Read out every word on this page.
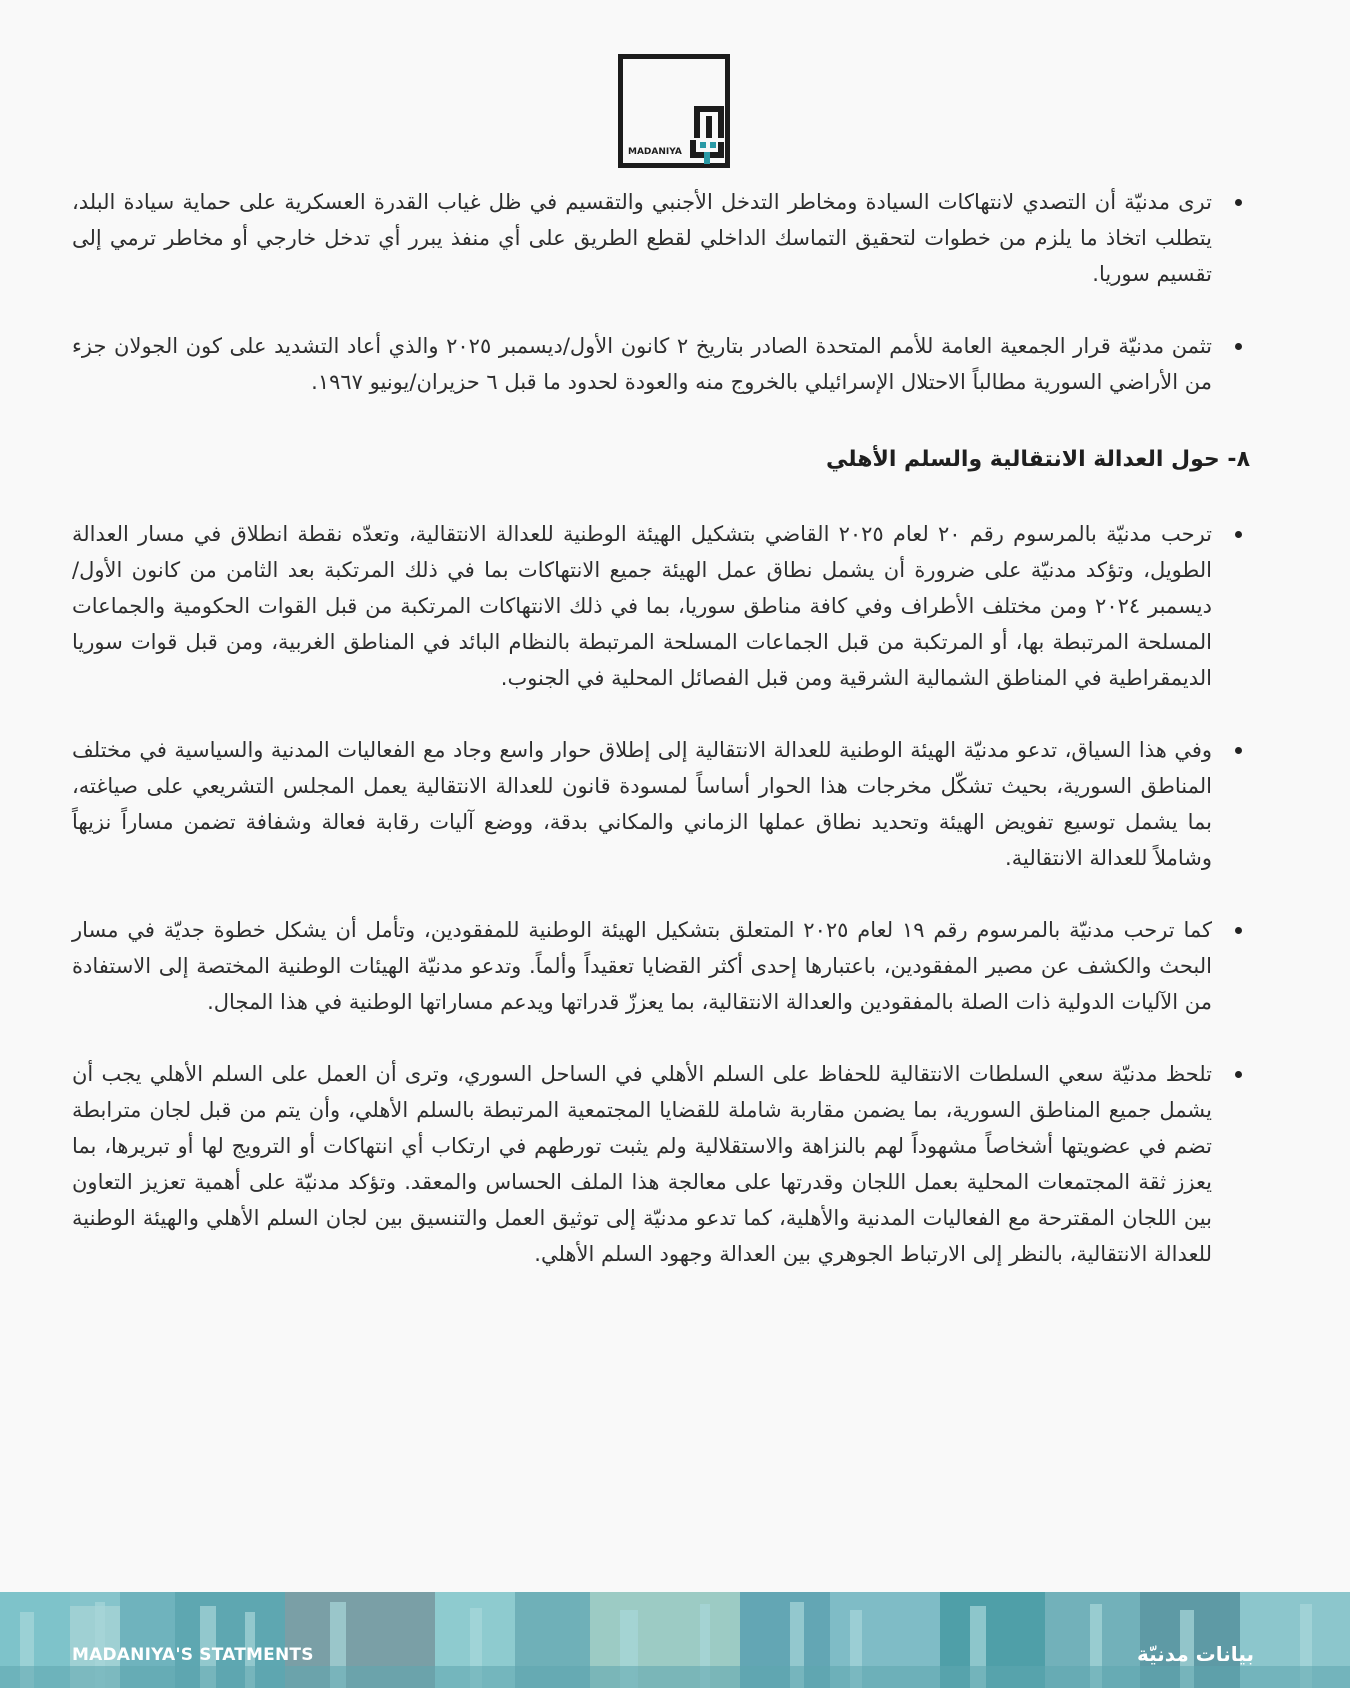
MADANIYA
ترى مدنيّة أن التصدي لانتهاكات السيادة ومخاطر التدخل الأجنبي والتقسيم في ظل غياب القدرة العسكرية على حماية سيادة البلد، يتطلب اتخاذ ما يلزم من خطوات لتحقيق التماسك الداخلي لقطع الطريق على أي منفذ يبرر أي تدخل خارجي أو مخاطر ترمي إلى تقسيم سوريا.
تثمن مدنيّة قرار الجمعية العامة للأمم المتحدة الصادر بتاريخ ٢ كانون الأول/ديسمبر ٢٠٢٥ والذي أعاد التشديد على كون الجولان جزء من الأراضي السورية مطالباً الاحتلال الإسرائيلي بالخروج منه والعودة لحدود ما قبل ٦ حزيران/يونيو ١٩٦٧.
٨- حول العدالة الانتقالية والسلم الأهلي
ترحب مدنيّة بالمرسوم رقم ٢٠ لعام ٢٠٢٥ القاضي بتشكيل الهيئة الوطنية للعدالة الانتقالية، وتعدّه نقطة انطلاق في مسار العدالة الطويل، وتؤكد مدنيّة على ضرورة أن يشمل نطاق عمل الهيئة جميع الانتهاكات بما في ذلك المرتكبة بعد الثامن من كانون الأول/ديسمبر ٢٠٢٤ ومن مختلف الأطراف وفي كافة مناطق سوريا، بما في ذلك الانتهاكات المرتكبة من قبل القوات الحكومية والجماعات المسلحة المرتبطة بها، أو المرتكبة من قبل الجماعات المسلحة المرتبطة بالنظام البائد في المناطق الغربية، ومن قبل قوات سوريا الديمقراطية في المناطق الشمالية الشرقية ومن قبل الفصائل المحلية في الجنوب.
وفي هذا السياق، تدعو مدنيّة الهيئة الوطنية للعدالة الانتقالية إلى إطلاق حوار واسع وجاد مع الفعاليات المدنية والسياسية في مختلف المناطق السورية، بحيث تشكّل مخرجات هذا الحوار أساساً لمسودة قانون للعدالة الانتقالية يعمل المجلس التشريعي على صياغته، بما يشمل توسيع تفويض الهيئة وتحديد نطاق عملها الزماني والمكاني بدقة، ووضع آليات رقابة فعالة وشفافة تضمن مساراً نزيهاً وشاملاً للعدالة الانتقالية.
كما ترحب مدنيّة بالمرسوم رقم ١٩ لعام ٢٠٢٥ المتعلق بتشكيل الهيئة الوطنية للمفقودين، وتأمل أن يشكل خطوة جديّة في مسار البحث والكشف عن مصير المفقودين، باعتبارها إحدى أكثر القضايا تعقيداً وألماً. وتدعو مدنيّة الهيئات الوطنية المختصة إلى الاستفادة من الآليات الدولية ذات الصلة بالمفقودين والعدالة الانتقالية، بما يعززّ قدراتها ويدعم مساراتها الوطنية في هذا المجال.
تلحظ مدنيّة سعي السلطات الانتقالية للحفاظ على السلم الأهلي في الساحل السوري، وترى أن العمل على السلم الأهلي يجب أن يشمل جميع المناطق السورية، بما يضمن مقاربة شاملة للقضايا المجتمعية المرتبطة بالسلم الأهلي، وأن يتم من قبل لجان مترابطة تضم في عضويتها أشخاصاً مشهوداً لهم بالنزاهة والاستقلالية ولم يثبت تورطهم في ارتكاب أي انتهاكات أو الترويج لها أو تبريرها، بما يعزز ثقة المجتمعات المحلية بعمل اللجان وقدرتها على معالجة هذا الملف الحساس والمعقد. وتؤكد مدنيّة على أهمية تعزيز التعاون بين اللجان المقترحة مع الفعاليات المدنية والأهلية، كما تدعو مدنيّة إلى توثيق العمل والتنسيق بين لجان السلم الأهلي والهيئة الوطنية للعدالة الانتقالية، بالنظر إلى الارتباط الجوهري بين العدالة وجهود السلم الأهلي.
MADANIYA'S STATMENTS	بيانات مدنيّة
